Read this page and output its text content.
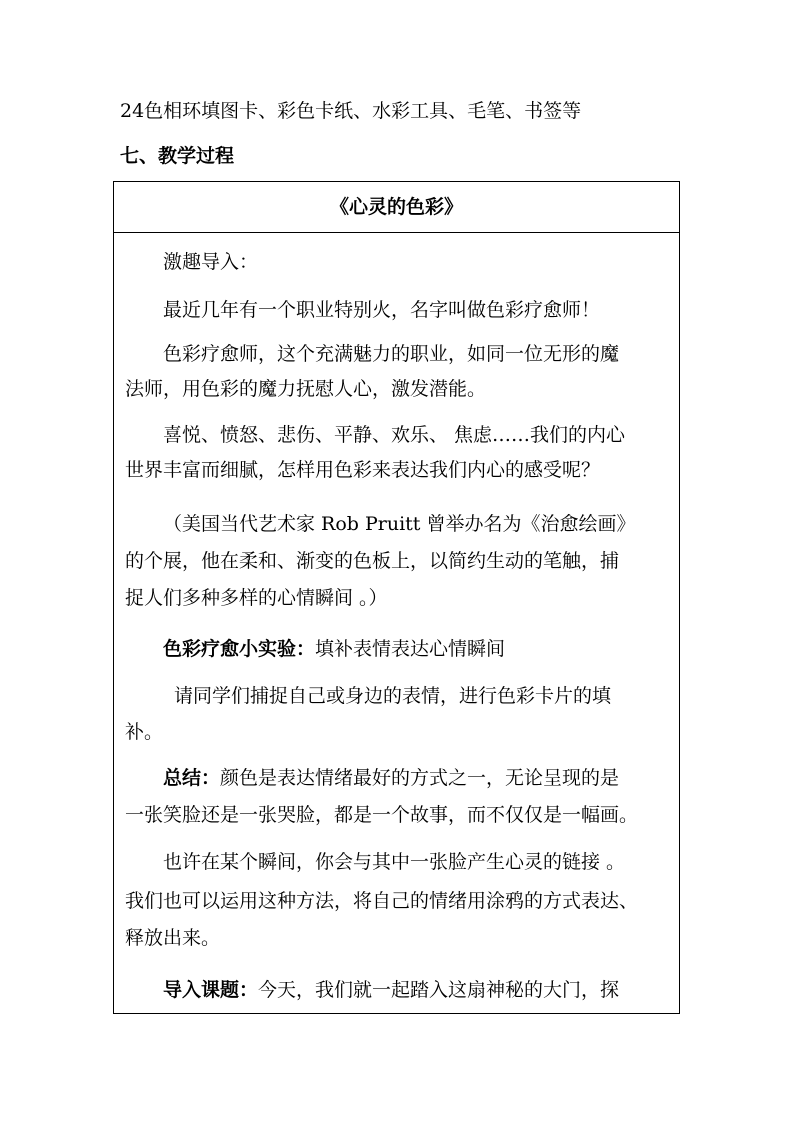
24色相环填图卡、彩色卡纸、水彩工具、毛笔、书签等
七、教学过程
《心灵的色彩》
激趣导入：
最近几年有一个职业特别火，名字叫做色彩疗愈师！
色彩疗愈师，这个充满魅力的职业，如同一位无形的魔
法师，用色彩的魔力抚慰人心，激发潜能。
喜悦、愤怒、悲伤、平静、欢乐、 焦虑……我们的内心
世界丰富而细腻，怎样用色彩来表达我们内心的感受呢？
（美国当代艺术家 Rob Pruitt 曾举办名为《治愈绘画》
的个展，他在柔和、渐变的色板上，以简约生动的笔触，捕
捉人们多种多样的心情瞬间 。）
色彩疗愈小实验：填补表情表达心情瞬间
请同学们捕捉自己或身边的表情，进行色彩卡片的填
补。
总结：颜色是表达情绪最好的方式之一，无论呈现的是
一张笑脸还是一张哭脸，都是一个故事，而不仅仅是一幅画。
也许在某个瞬间，你会与其中一张脸产生心灵的链接 。
我们也可以运用这种方法，将自己的情绪用涂鸦的方式表达、
释放出来。
导入课题：今天，我们就一起踏入这扇神秘的大门，探
